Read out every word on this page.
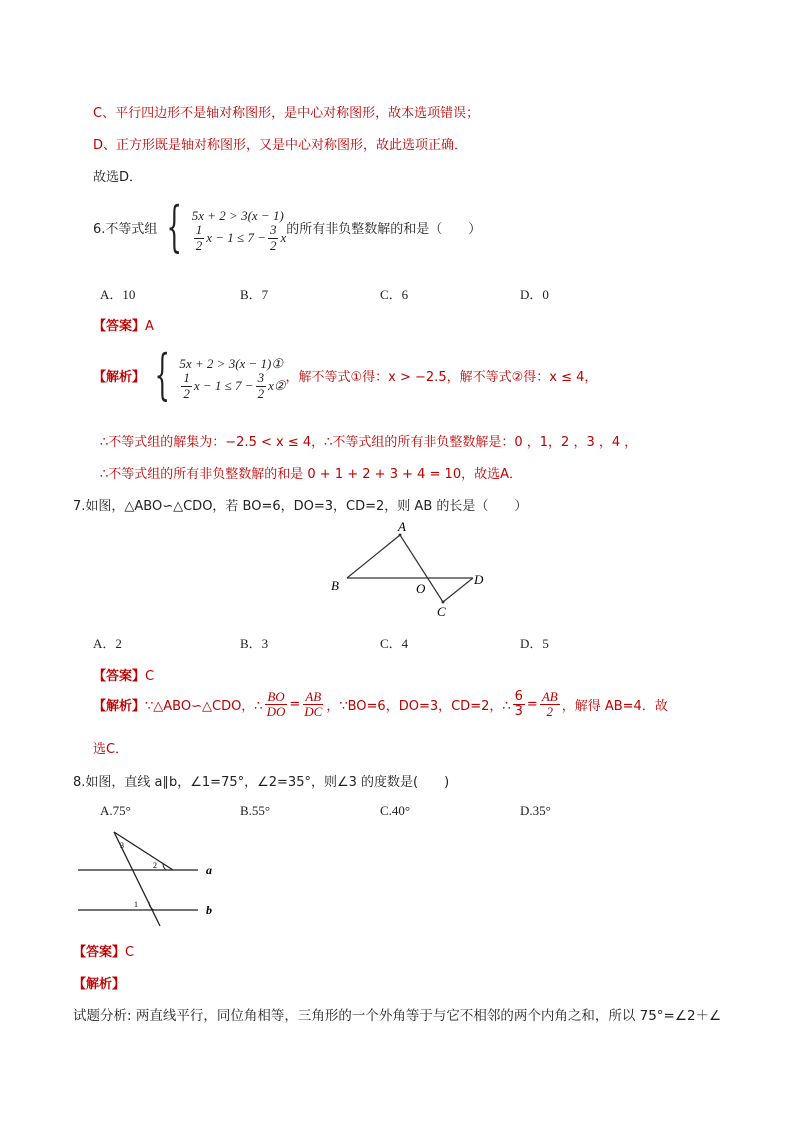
C、平行四边形不是轴对称图形，是中心对称图形，故本选项错误；
D、正方形既是轴对称图形，又是中心对称图形，故此选项正确．
故选D．
6.不等式组 { 5x + 2 > 3(x − 1)
$\frac{1}{2}$ $x - 1 \le 7 - \frac{3}{2}$ x
的所有非负整数解的和是（　　）
A．10	B．7	C．6	D．0
【答案】A
【解析】 { 5x + 2 > 3(x − 1)①
$\frac{1}{2}$ $x - 1 \le 7 - \frac{3}{2}$ x②
，解不等式①得：x > −2.5，解不等式②得：x ≤ 4，
∴不等式组的解集为：−2.5 < x ≤ 4，∴不等式组的所有非负整数解是：0 ，1，2 ，3 ，4 ，
∴不等式组的所有非负整数解的和是 0 + 1 + 2 + 3 + 4 = 10，故选A．
7.如图，△ABO∽△CDO，若 BO=6，DO=3，CD=2，则 AB 的长是（　　）
A
B	O
D
C
A．2	B．3	C．4	D．5
【答案】C
【解析】 ∵△ABO∽△CDO，∴ $\frac{BO}{DO} = \frac{AB}{DC}$ ，∵BO=6，DO=3，CD=2，∴ $\frac{6}{3} = \frac{AB}{2}$ ，解得 AB=4．故
选C．
8.如图，直线 a∥b，∠1=75°，∠2=35°，则∠3 的度数是(　　)
A.75°	B.55°	C.40°	D.35°
3
2
1
a
b
【答案】C
【解析】
试题分析: 两直线平行，同位角相等，三角形的一个外角等于与它不相邻的两个内角之和，所以 75°=∠2＋∠
